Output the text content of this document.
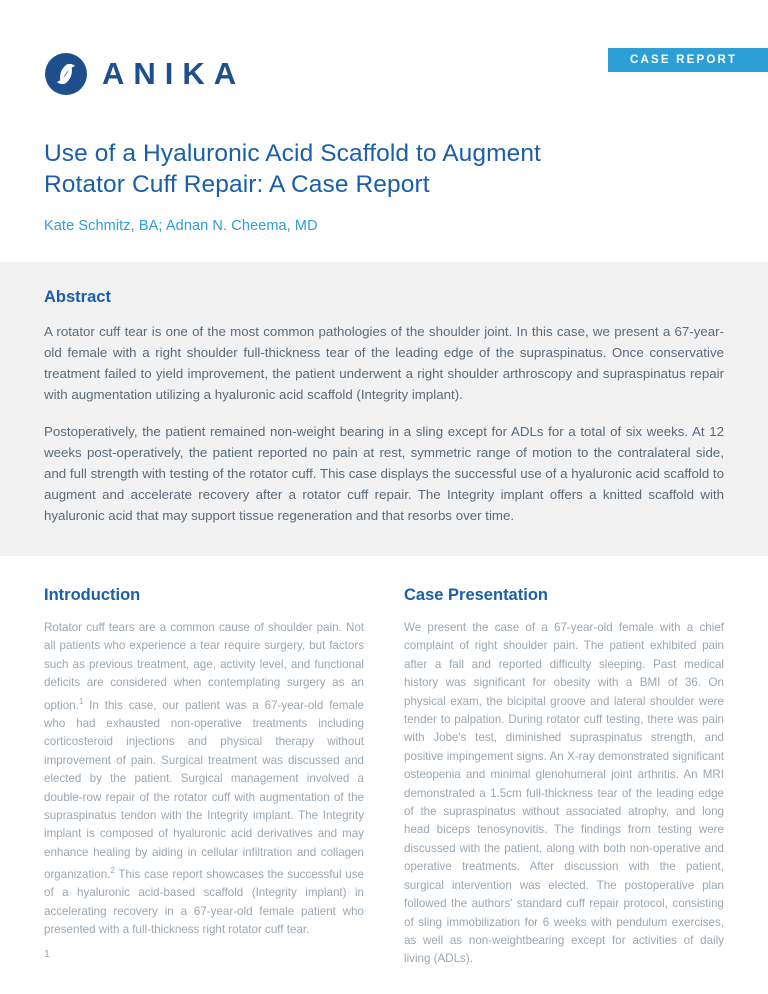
ANIKA	CASE REPORT
Use of a Hyaluronic Acid Scaffold to Augment
Rotator Cuff Repair: A Case Report
Kate Schmitz, BA; Adnan N. Cheema, MD
Abstract

A rotator cuff tear is one of the most common pathologies of the shoulder joint. In this case, we present a 67-year-old female with a right shoulder full-thickness tear of the leading edge of the supraspinatus. Once conservative treatment failed to yield improvement, the patient underwent a right shoulder arthroscopy and supraspinatus repair with augmentation utilizing a hyaluronic acid scaffold (Integrity implant).

Postoperatively, the patient remained non-weight bearing in a sling except for ADLs for a total of six weeks. At 12 weeks post-operatively, the patient reported no pain at rest, symmetric range of motion to the contralateral side, and full strength with testing of the rotator cuff. This case displays the successful use of a hyaluronic acid scaffold to augment and accelerate recovery after a rotator cuff repair. The Integrity implant offers a knitted scaffold with hyaluronic acid that may support tissue regeneration and that resorbs over time.

Introduction

Rotator cuff tears are a common cause of shoulder pain. Not all patients who experience a tear require surgery, but factors such as previous treatment, age, activity level, and functional deficits are considered when contemplating surgery as an option.$^1$ In this case, our patient was a 67-year-old female who had exhausted non-operative treatments including corticosteroid injections and physical therapy without improvement of pain. Surgical treatment was discussed and elected by the patient. Surgical management involved a double-row repair of the rotator cuff with augmentation of the supraspinatus tendon with the Integrity implant. The Integrity implant is composed of hyaluronic acid derivatives and may enhance healing by aiding in cellular infiltration and collagen organization.$^2$ This case report showcases the successful use of a hyaluronic acid-based scaffold (Integrity implant) in accelerating recovery in a 67-year-old female patient who presented with a full-thickness right rotator cuff tear.

Case Presentation

We present the case of a 67-year-old female with a chief complaint of right shoulder pain. The patient exhibited pain after a fall and reported difficulty sleeping. Past medical history was significant for obesity with a BMI of 36. On physical exam, the bicipital groove and lateral shoulder were tender to palpation. During rotator cuff testing, there was pain with Jobe's test, diminished supraspinatus strength, and positive impingement signs. An X-ray demonstrated significant osteopenia and minimal glenohumeral joint arthritis. An MRI demonstrated a 1.5cm full-thickness tear of the leading edge of the supraspinatus without associated atrophy, and long head biceps tenosynovitis. The findings from testing were discussed with the patient, along with both non-operative and operative treatments. After discussion with the patient, surgical intervention was elected. The postoperative plan followed the authors' standard cuff repair protocol, consisting of sling immobilization for 6 weeks with pendulum exercises, as well as non-weightbearing except for activities of daily living (ADLs).

1
